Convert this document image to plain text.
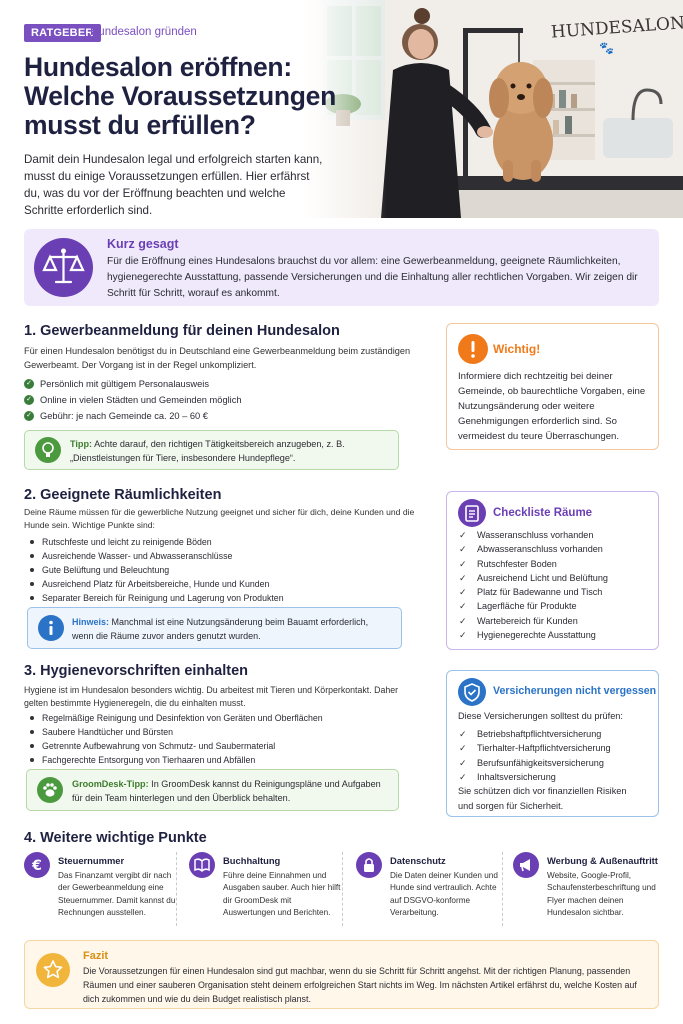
RATGEBER
Hundesalon gründen
Hundesalon eröffnen: Welche Voraussetzungen musst du erfüllen?

Damit dein Hundesalon legal und erfolgreich starten kann, musst du einige Voraussetzungen erfüllen. Hier erfährst du, was du vor der Eröffnung beachten und welche Schritte erforderlich sind.

Kurz gesagt

Für die Eröffnung eines Hundesalons brauchst du vor allem: eine Gewerbeanmeldung, geeignete Räumlichkeiten, hygienegerechte Ausstattung, passende Versicherungen und die Einhaltung aller rechtlichen Vorgaben. Wir zeigen dir Schritt für Schritt, worauf es ankommt.

1. Gewerbeanmeldung für deinen Hundesalon

Für einen Hundesalon benötigst du in Deutschland eine Gewerbeanmeldung beim zuständigen Gewerbeamt. Der Vorgang ist in der Regel unkompliziert.

✓ Persönlich mit gültigem Personalausweis
✓ Online in vielen Städten und Gemeinden möglich
✓ Gebühr: je nach Gemeinde ca. 20 – 60 €

Tipp: Achte darauf, den richtigen Tätigkeitsbereich anzugeben, z. B. „Dienstleistungen für Tiere, insbesondere Hundepflege“.

Wichtig!

Informiere dich rechtzeitig bei deiner Gemeinde, ob baurechtliche Vorgaben, eine Nutzungsänderung oder weitere Genehmigungen erforderlich sind. So vermeidest du teure Überraschungen.

2. Geeignete Räumlichkeiten

Deine Räume müssen für die gewerbliche Nutzung geeignet und sicher für dich, deine Kunden und die Hunde sein. Wichtige Punkte sind:

Rutschfeste und leicht zu reinigende Böden
Ausreichende Wasser- und Abwasseranschlüsse
Gute Belüftung und Beleuchtung
Ausreichend Platz für Arbeitsbereiche, Hunde und Kunden
Separater Bereich für Reinigung und Lagerung von Produkten

Hinweis: Manchmal ist eine Nutzungsänderung beim Bauamt erforderlich, wenn die Räume zuvor anders genutzt wurden.

Checkliste Räume
✓ Wasseranschluss vorhanden
✓ Abwasseranschluss vorhanden
✓ Rutschfester Boden
✓ Ausreichend Licht und Belüftung
✓ Platz für Badewanne und Tisch
✓ Lagerfläche für Produkte
✓ Wartebereich für Kunden
✓ Hygienegerechte Ausstattung
3. Hygienevorschriften einhalten

Hygiene ist im Hundesalon besonders wichtig. Du arbeitest mit Tieren und Körperkontakt. Daher gelten bestimmte Hygieneregeln, die du einhalten musst.

Regelmäßige Reinigung und Desinfektion von Geräten und Oberflächen
Saubere Handtücher und Bürsten
Getrennte Aufbewahrung von Schmutz- und Saubermaterial
Fachgerechte Entsorgung von Tierhaaren und Abfällen

GroomDesk-Tipp: In GroomDesk kannst du Reinigungspläne und Aufgaben für dein Team hinterlegen und den Überblick behalten.

Versicherungen nicht vergessen

Diese Versicherungen solltest du prüfen:

✓ Betriebshaftpflichtversicherung
✓ Tierhalter-Haftpflichtversicherung
✓ Berufsunfähigkeitsversicherung
✓ Inhaltsversicherung

Sie schützen dich vor finanziellen Risiken und sorgen für Sicherheit.

4. Weitere wichtige Punkte
€ Steuernummer

Das Finanzamt vergibt dir nach der Gewerbeanmeldung eine Steuernummer. Damit kannst du Rechnungen ausstellen.

Buchhaltung

Führe deine Einnahmen und Ausgaben sauber. Auch hier hilft dir GroomDesk mit Auswertungen und Berichten.

Datenschutz

Die Daten deiner Kunden und Hunde sind vertraulich. Achte auf DSGVO-konforme Verarbeitung.

Werbung & Außenauftritt

Website, Google-Profil, Schaufensterbeschriftung und Flyer machen deinen Hundesalon sichtbar.

Fazit

Die Voraussetzungen für einen Hundesalon sind gut machbar, wenn du sie Schritt für Schritt angehst. Mit der richtigen Planung, passenden Räumen und einer sauberen Organisation steht deinem erfolgreichen Start nichts im Weg. Im nächsten Artikel erfährst du, welche Kosten auf dich zukommen und wie du dein Budget realistisch planst.
